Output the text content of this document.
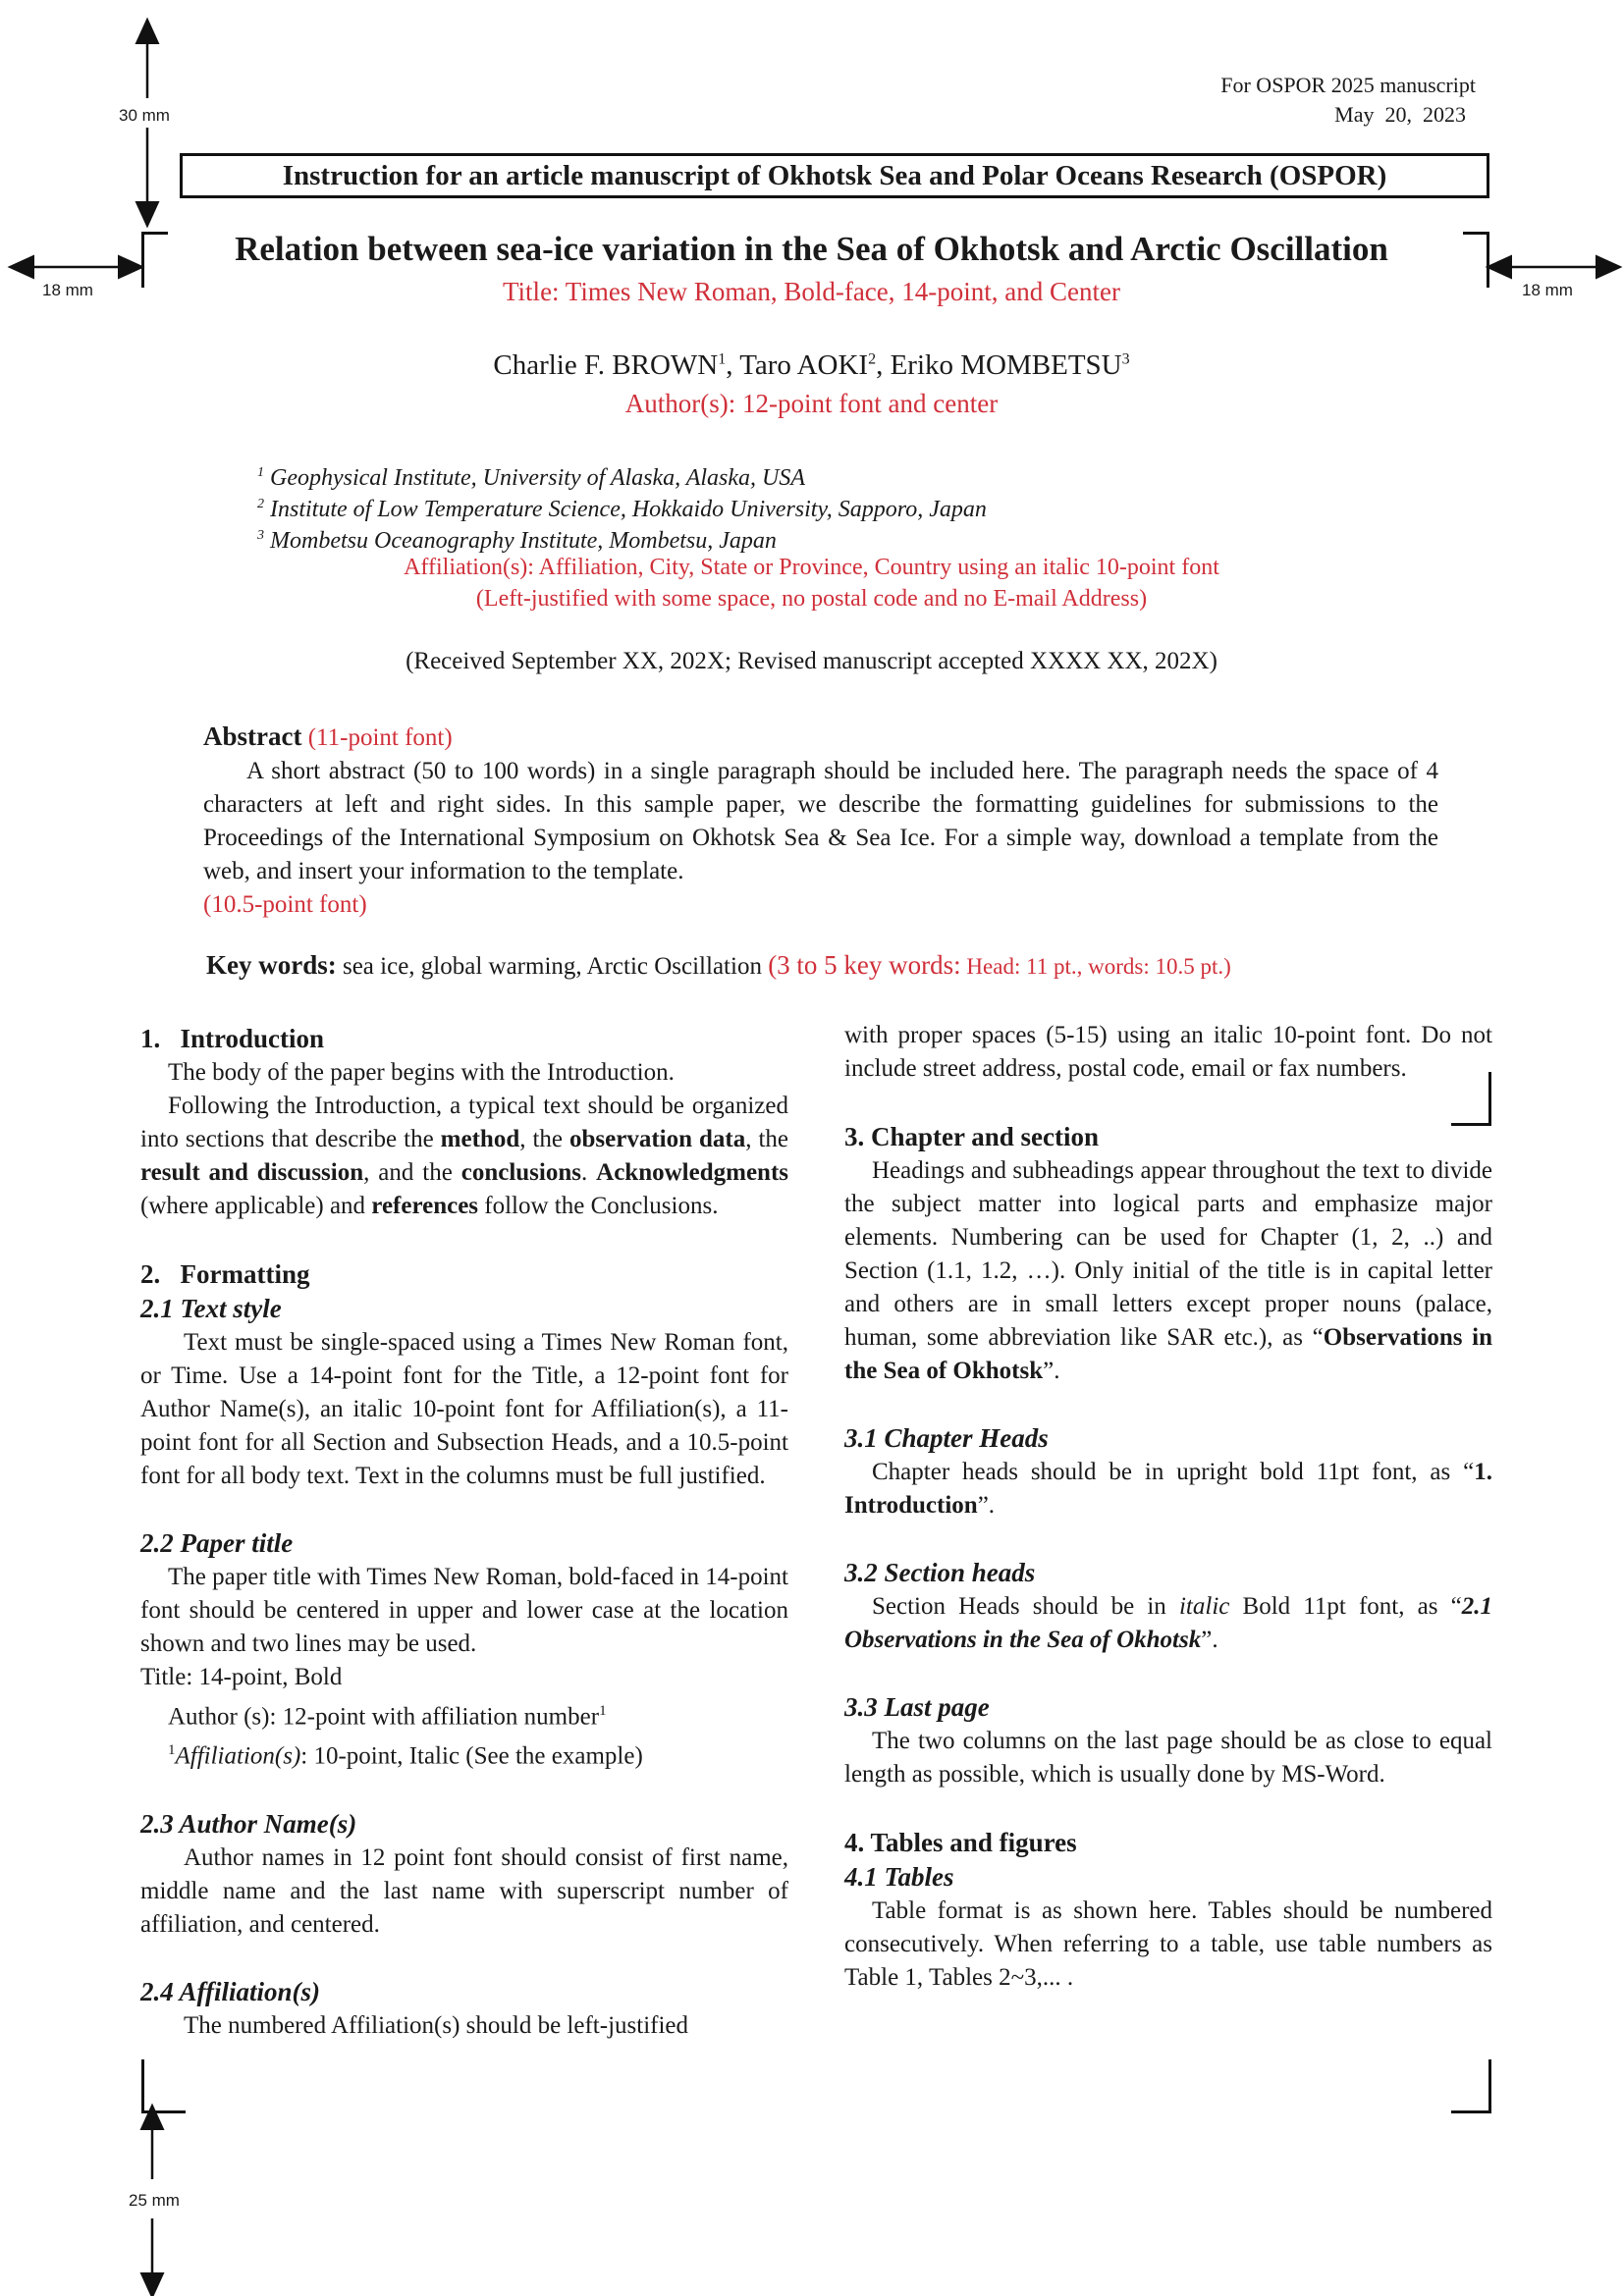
30 mm
18 mm	18 mm
25 mm
For OSPOR 2025 manuscript
May  20,  2023
Instruction for an article manuscript of Okhotsk Sea and Polar Oceans Research (OSPOR)
Relation between sea-ice variation in the Sea of Okhotsk and Arctic Oscillation
Title: Times New Roman, Bold-face, 14-point, and Center
Charlie F. BROWN$^1$, Taro AOKI$^2$, Eriko MOMBETSU$^3$
Author(s): 12-point font and center
$^1$ Geophysical Institute, University of Alaska, Alaska, USA
$^2$ Institute of Low Temperature Science, Hokkaido University, Sapporo, Japan
$^3$ Mombetsu Oceanography Institute, Mombetsu, Japan
Affiliation(s): Affiliation, City, State or Province, Country using an italic 10-point font
(Left-justified with some space, no postal code and no E-mail Address)
(Received September XX, 202X; Revised manuscript accepted XXXX XX, 202X)
Abstract (11-point font)

A short abstract (50 to 100 words) in a single paragraph should be included here. The paragraph needs the space of 4 characters at left and right sides. In this sample paper, we describe the formatting guidelines for submissions to the Proceedings of the International Symposium on Okhotsk Sea & Sea Ice. For a simple way, download a template from the web, and insert your information to the template.

(10.5-point font)
Key words: sea ice, global warming, Arctic Oscillation (3 to 5 key words: Head: 11 pt., words: 10.5 pt.)
1.   Introduction

The body of the paper begins with the Introduction.

Following the Introduction, a typical text should be organized into sections that describe the method, the observation data, the result and discussion, and the conclusions. Acknowledgments (where applicable) and references follow the Conclusions.

2.   Formatting
2.1 Text style

Text must be single-spaced using a Times New Roman font, or Time. Use a 14-point font for the Title, a 12-point font for Author Name(s), an italic 10-point font for Affiliation(s), a 11-point font for all Section and Subsection Heads, and a 10.5-point font for all body text. Text in the columns must be full justified.

2.2 Paper title

The paper title with Times New Roman, bold-faced in 14-point font should be centered in upper and lower case at the location shown and two lines may be used.

Title: 14-point, Bold
Author (s): 12-point with affiliation number$^1$
$^1$Affiliation(s): 10-point, Italic (See the example)
2.3 Author Name(s)

Author names in 12 point font should consist of first name, middle name and the last name with superscript number of affiliation, and centered.

2.4 Affiliation(s)

The numbered Affiliation(s) should be left-justified

with proper spaces (5-15) using an italic 10-point font. Do not include street address, postal code, email or fax numbers.

3. Chapter and section

Headings and subheadings appear throughout the text to divide the subject matter into logical parts and emphasize major elements. Numbering can be used for Chapter (1, 2, ..) and Section (1.1, 1.2, …). Only initial of the title is in capital letter and others are in small letters except proper nouns (palace, human, some abbreviation like SAR etc.), as “Observations in the Sea of Okhotsk”.

3.1 Chapter Heads

Chapter heads should be in upright bold 11pt font, as “1. Introduction”.

3.2 Section heads

Section Heads should be in italic Bold 11pt font, as “2.1 Observations in the Sea of Okhotsk”.

3.3 Last page

The two columns on the last page should be as close to equal length as possible, which is usually done by MS-Word.

4. Tables and figures
4.1 Tables

Table format is as shown here. Tables should be numbered consecutively. When referring to a table, use table numbers as Table 1, Tables 2~3,... .
